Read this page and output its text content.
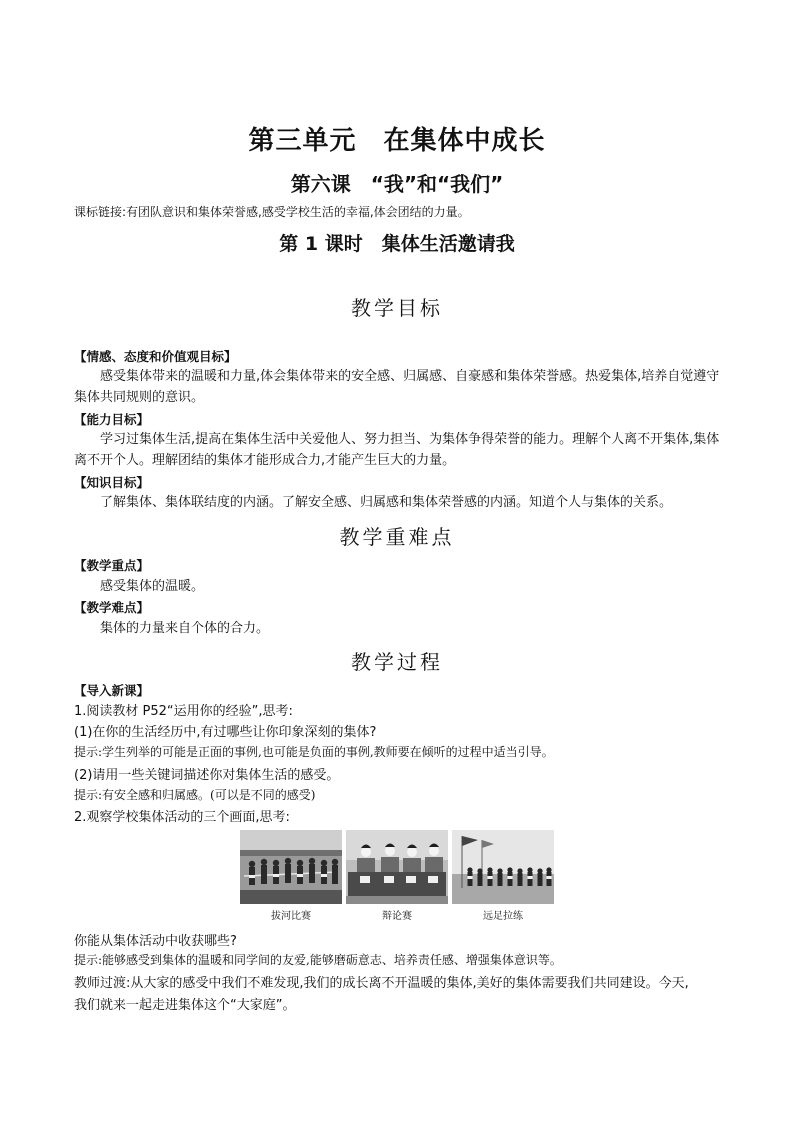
第三单元　在集体中成长
第六课　“我”和“我们”
课标链接:有团队意识和集体荣誉感,感受学校生活的幸福,体会团结的力量。
第 1 课时　集体生活邀请我
教学目标
【情感、态度和价值观目标】
感受集体带来的温暖和力量,体会集体带来的安全感、归属感、自豪感和集体荣誉感。热爱集体,培养自觉遵守集体共同规则的意识。
【能力目标】
学习过集体生活,提高在集体生活中关爱他人、努力担当、为集体争得荣誉的能力。理解个人离不开集体,集体离不开个人。理解团结的集体才能形成合力,才能产生巨大的力量。
【知识目标】
了解集体、集体联结度的内涵。了解安全感、归属感和集体荣誉感的内涵。知道个人与集体的关系。
教学重难点
【教学重点】
感受集体的温暖。
【教学难点】
集体的力量来自个体的合力。
教学过程
【导入新课】
1.阅读教材 P52“运用你的经验”,思考:
(1)在你的生活经历中,有过哪些让你印象深刻的集体?
提示:学生列举的可能是正面的事例,也可能是负面的事例,教师要在倾听的过程中适当引导。
(2)请用一些关键词描述你对集体生活的感受。
提示:有安全感和归属感。(可以是不同的感受)
2.观察学校集体活动的三个画面,思考:
拔河比赛	辩论赛	远足拉练
你能从集体活动中收获哪些?
提示:能够感受到集体的温暖和同学间的友爱,能够磨砺意志、培养责任感、增强集体意识等。
教师过渡:从大家的感受中我们不难发现,我们的成长离不开温暖的集体,美好的集体需要我们共同建设。今天,
我们就来一起走进集体这个“大家庭”。
